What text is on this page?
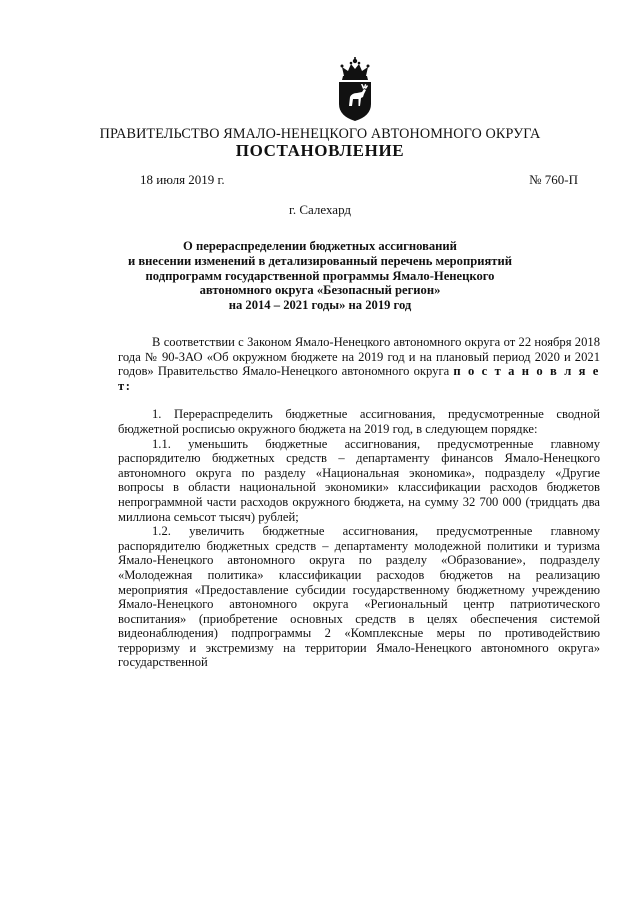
ПРАВИТЕЛЬСТВО ЯМАЛО-НЕНЕЦКОГО АВТОНОМНОГО ОКРУГА
ПОСТАНОВЛЕНИЕ
18 июля 2019 г.	№ 760-П
г. Салехард
О перераспределении бюджетных ассигнований
и внесении изменений в детализированный перечень мероприятий
подпрограмм государственной программы Ямало-Ненецкого
автономного округа «Безопасный регион»
на 2014 – 2021 годы» на 2019 год

В соответствии с Законом Ямало-Ненецкого автономного округа от 22 ноября 2018 года № 90-ЗАО «Об окружном бюджете на 2019 год и на плановый период 2020 и 2021 годов» Правительство Ямало-Ненецкого автономного округа п о с т а н о в л я е т:

1. Перераспределить бюджетные ассигнования, предусмотренные сводной бюджетной росписью окружного бюджета на 2019 год, в следующем порядке:

1.1. уменьшить бюджетные ассигнования, предусмотренные главному распорядителю бюджетных средств – департаменту финансов Ямало-Ненецкого автономного округа по разделу «Национальная экономика», подразделу «Другие вопросы в области национальной экономики» классификации расходов бюджетов непрограммной части расходов окружного бюджета, на сумму 32 700 000 (тридцать два миллиона семьсот тысяч) рублей;

1.2. увеличить бюджетные ассигнования, предусмотренные главному распорядителю бюджетных средств – департаменту молодежной политики и туризма Ямало-Ненецкого автономного округа по разделу «Образование», подразделу «Молодежная политика» классификации расходов бюджетов на реализацию мероприятия «Предоставление субсидии государственному бюджетному учреждению Ямало-Ненецкого автономного округа «Региональный центр патриотического воспитания» (приобретение основных средств в целях обеспечения системой видеонаблюдения) подпрограммы 2 «Комплексные меры по противодействию терроризму и экстремизму на территории Ямало-Ненецкого автономного округа» государственной
